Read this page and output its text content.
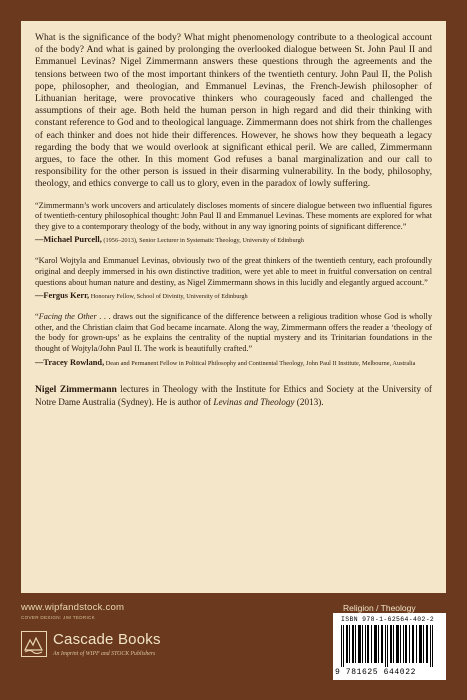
What is the significance of the body? What might phenomenology contribute to a theological account of the body? And what is gained by prolonging the overlooked dialogue between St. John Paul II and Emmanuel Levinas? Nigel Zimmermann answers these questions through the agreements and the tensions between two of the most important thinkers of the twentieth century. John Paul II, the Polish pope, philosopher, and theologian, and Emmanuel Levinas, the French-Jewish philosopher of Lithuanian heritage, were provocative thinkers who courageously faced and challenged the assumptions of their age. Both held the human person in high regard and did their thinking with constant reference to God and to theological language. Zimmermann does not shirk from the challenges of each thinker and does not hide their differences. However, he shows how they bequeath a legacy regarding the body that we would overlook at significant ethical peril. We are called, Zimmermann argues, to face the other. In this moment God refuses a banal marginalization and our call to responsibility for the other person is issued in their disarming vulnerability. In the body, philosophy, theology, and ethics converge to call us to glory, even in the paradox of lowly suffering.

“Zimmermann’s work uncovers and articulately discloses moments of sincere dialogue between two influential figures of twentieth-century philosophical thought: John Paul II and Emmanuel Levinas. These moments are explored for what they give to a contemporary theology of the body, without in any way ignoring points of significant difference.”

—Michael Purcell, (1956–2013), Senior Lecturer in Systematic Theology, University of Edinburgh

“Karol Wojtyla and Emmanuel Levinas, obviously two of the great thinkers of the twentieth century, each profoundly original and deeply immersed in his own distinctive tradition, were yet able to meet in fruitful conversation on central questions about human nature and destiny, as Nigel Zimmermann shows in this lucidly and elegantly argued account.”

—Fergus Kerr, Honorary Fellow, School of Divinity, University of Edinburgh

“Facing the Other . . . draws out the significance of the difference between a religious tradition whose God is wholly other, and the Christian claim that God became incarnate. Along the way, Zimmermann offers the reader a ‘theology of the body for grown-ups’ as he explains the centrality of the nuptial mystery and its Trinitarian foundations in the thought of Wojtyla/John Paul II. The work is beautifully crafted.”

—Tracey Rowland, Dean and Permanent Fellow in Political Philosophy and Continental Theology, John Paul II Institute, Melbourne, Australia

Nigel Zimmermann lectures in Theology with the Institute for Ethics and Society at the University of Notre Dame Australia (Sydney). He is author of Levinas and Theology (2013).

www.wipfandstock.com
COVER DESIGN: JIM TEDRICK
Cascade Books
An Imprint of WIPF and STOCK Publishers
Religion / Theology
ISBN 978-1-62564-402-2
9 781625 644022
